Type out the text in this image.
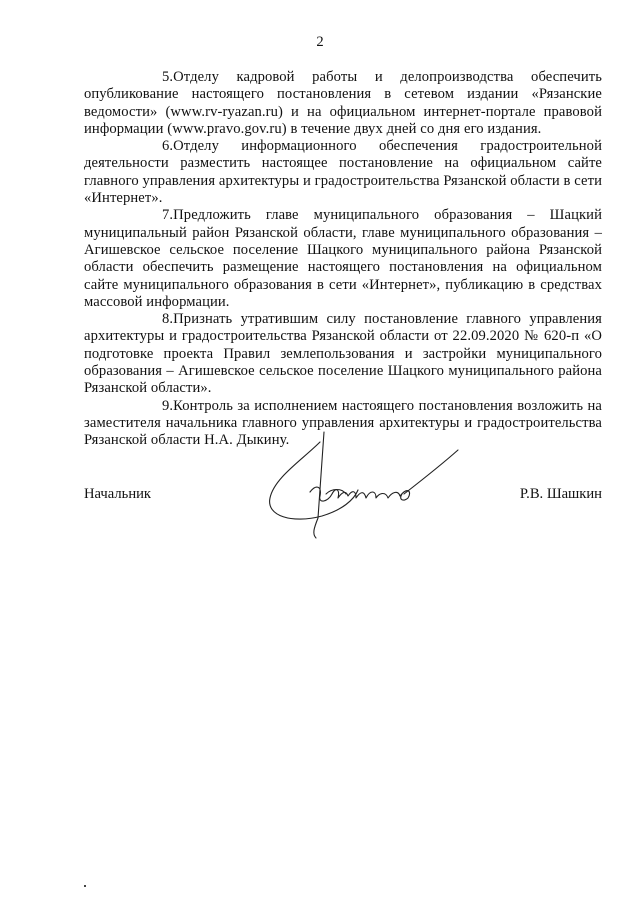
2

5.Отделу кадровой работы и делопроизводства обеспечить опубликование настоящего постановления в сетевом издании «Рязанские ведомости» (www.rv-ryazan.ru) и на официальном интернет-портале правовой информации (www.pravo.gov.ru) в течение двух дней со дня его издания.

6.Отделу информационного обеспечения градостроительной деятельности разместить настоящее постановление на официальном сайте главного управления архитектуры и градостроительства Рязанской области в сети «Интернет».

7.Предложить главе муниципального образования – Шацкий муниципальный район Рязанской области, главе муниципального образования – Агишевское сельское поселение Шацкого муниципального района Рязанской области обеспечить размещение настоящего постановления на официальном сайте муниципального образования в сети «Интернет», публикацию в средствах массовой информации.

8.Признать утратившим силу постановление главного управления архитектуры и градостроительства Рязанской области от 22.09.2020 № 620-п «О подготовке проекта Правил землепользования и застройки муниципального образования – Агишевское сельское поселение Шацкого муниципального района Рязанской области».

9.Контроль за исполнением настоящего постановления возложить на заместителя начальника главного управления архитектуры и градостроительства Рязанской области Н.А. Дыкину.

Начальник	Р.В. Шашкин
